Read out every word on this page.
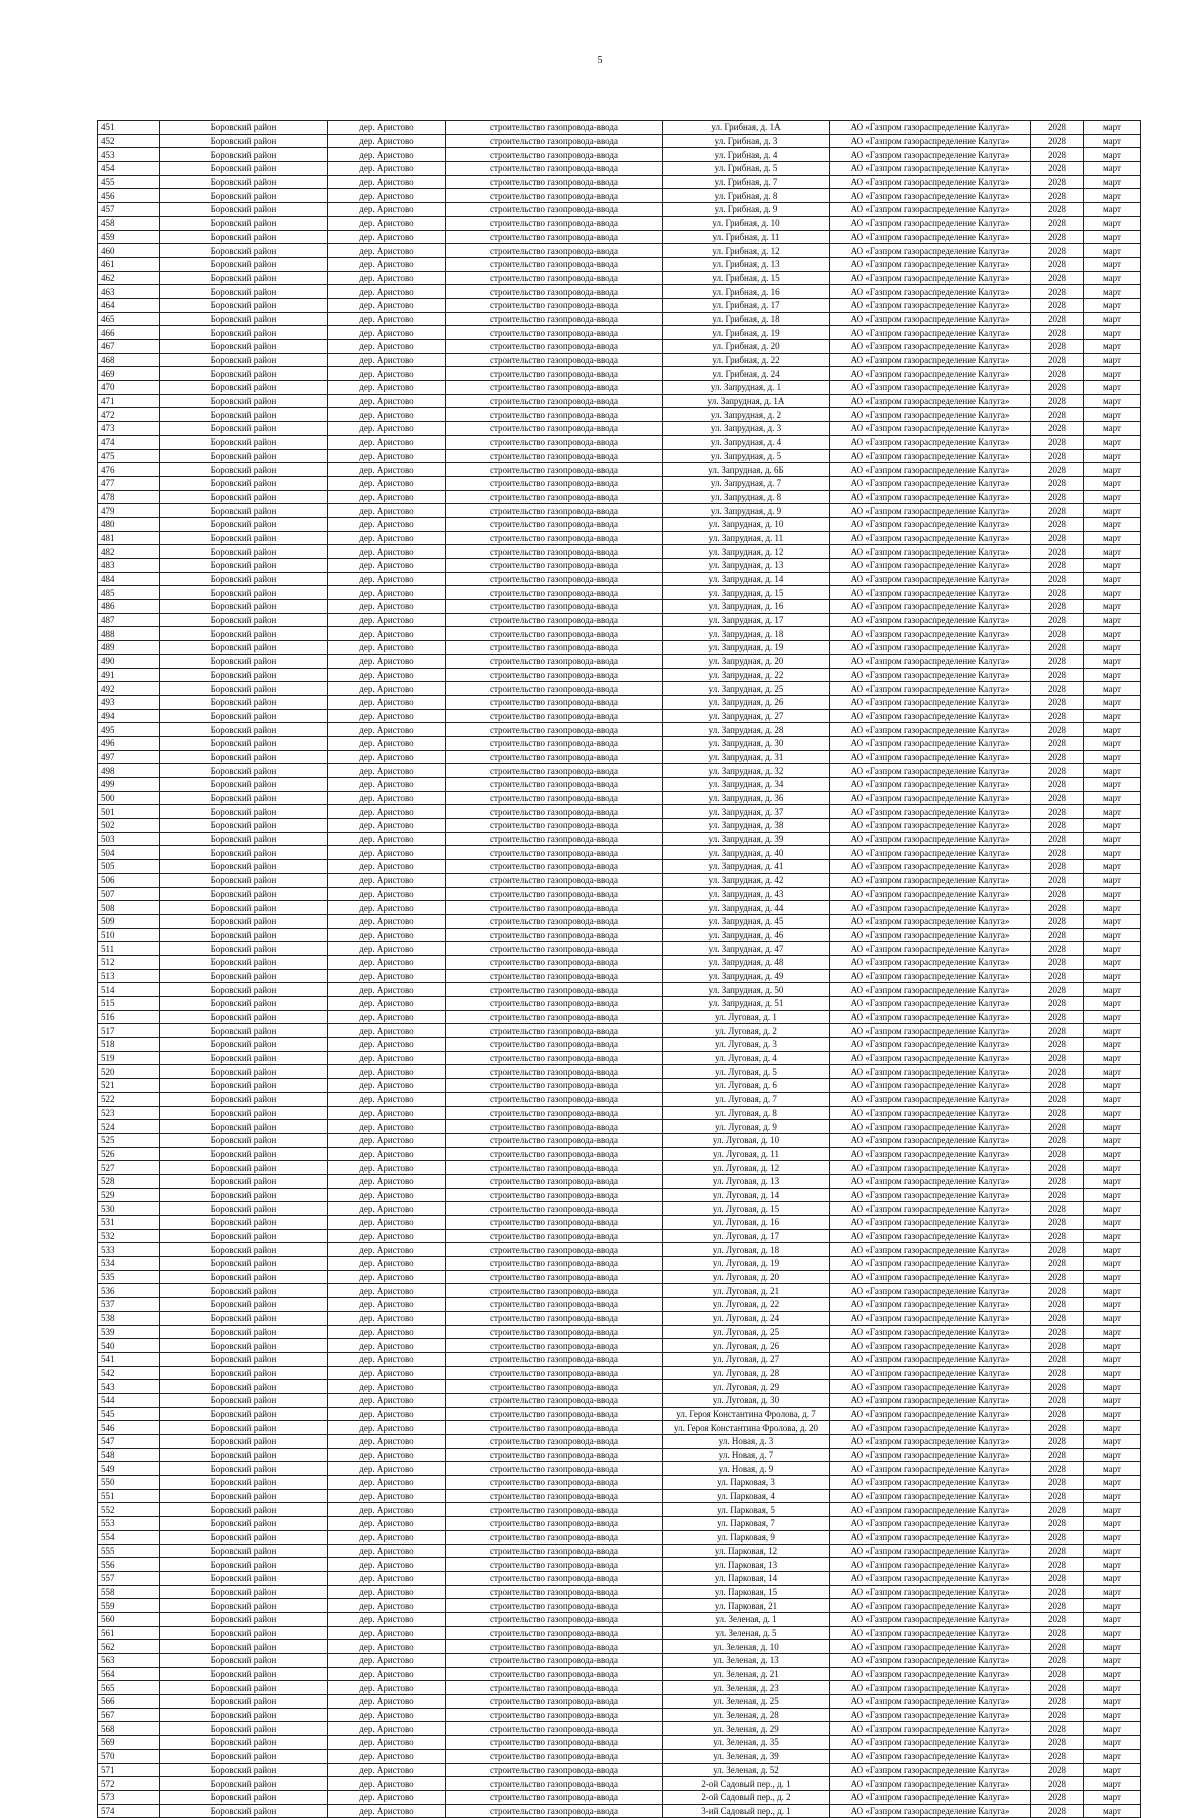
5
451	Боровский район	дер. Аристово	строительство газопровода-ввода	ул. Грибная, д. 1А	АО «Газпром газораспределение Калуга»	2028	март
452	Боровский район	дер. Аристово	строительство газопровода-ввода	ул. Грибная, д. 3	АО «Газпром газораспределение Калуга»	2028	март
453	Боровский район	дер. Аристово	строительство газопровода-ввода	ул. Грибная, д. 4	АО «Газпром газораспределение Калуга»	2028	март
454	Боровский район	дер. Аристово	строительство газопровода-ввода	ул. Грибная, д. 5	АО «Газпром газораспределение Калуга»	2028	март
455	Боровский район	дер. Аристово	строительство газопровода-ввода	ул. Грибная, д. 7	АО «Газпром газораспределение Калуга»	2028	март
456	Боровский район	дер. Аристово	строительство газопровода-ввода	ул. Грибная, д. 8	АО «Газпром газораспределение Калуга»	2028	март
457	Боровский район	дер. Аристово	строительство газопровода-ввода	ул. Грибная, д. 9	АО «Газпром газораспределение Калуга»	2028	март
458	Боровский район	дер. Аристово	строительство газопровода-ввода	ул. Грибная, д. 10	АО «Газпром газораспределение Калуга»	2028	март
459	Боровский район	дер. Аристово	строительство газопровода-ввода	ул. Грибная, д. 11	АО «Газпром газораспределение Калуга»	2028	март
460	Боровский район	дер. Аристово	строительство газопровода-ввода	ул. Грибная, д. 12	АО «Газпром газораспределение Калуга»	2028	март
461	Боровский район	дер. Аристово	строительство газопровода-ввода	ул. Грибная, д. 13	АО «Газпром газораспределение Калуга»	2028	март
462	Боровский район	дер. Аристово	строительство газопровода-ввода	ул. Грибная, д. 15	АО «Газпром газораспределение Калуга»	2028	март
463	Боровский район	дер. Аристово	строительство газопровода-ввода	ул. Грибная, д. 16	АО «Газпром газораспределение Калуга»	2028	март
464	Боровский район	дер. Аристово	строительство газопровода-ввода	ул. Грибная, д. 17	АО «Газпром газораспределение Калуга»	2028	март
465	Боровский район	дер. Аристово	строительство газопровода-ввода	ул. Грибная, д. 18	АО «Газпром газораспределение Калуга»	2028	март
466	Боровский район	дер. Аристово	строительство газопровода-ввода	ул. Грибная, д. 19	АО «Газпром газораспределение Калуга»	2028	март
467	Боровский район	дер. Аристово	строительство газопровода-ввода	ул. Грибная, д. 20	АО «Газпром газораспределение Калуга»	2028	март
468	Боровский район	дер. Аристово	строительство газопровода-ввода	ул. Грибная, д. 22	АО «Газпром газораспределение Калуга»	2028	март
469	Боровский район	дер. Аристово	строительство газопровода-ввода	ул. Грибная, д. 24	АО «Газпром газораспределение Калуга»	2028	март
470	Боровский район	дер. Аристово	строительство газопровода-ввода	ул. Запрудная, д. 1	АО «Газпром газораспределение Калуга»	2028	март
471	Боровский район	дер. Аристово	строительство газопровода-ввода	ул. Запрудная, д. 1А	АО «Газпром газораспределение Калуга»	2028	март
472	Боровский район	дер. Аристово	строительство газопровода-ввода	ул. Запрудная, д. 2	АО «Газпром газораспределение Калуга»	2028	март
473	Боровский район	дер. Аристово	строительство газопровода-ввода	ул. Запрудная, д. 3	АО «Газпром газораспределение Калуга»	2028	март
474	Боровский район	дер. Аристово	строительство газопровода-ввода	ул. Запрудная, д. 4	АО «Газпром газораспределение Калуга»	2028	март
475	Боровский район	дер. Аристово	строительство газопровода-ввода	ул. Запрудная, д. 5	АО «Газпром газораспределение Калуга»	2028	март
476	Боровский район	дер. Аристово	строительство газопровода-ввода	ул. Запрудная, д. 6Б	АО «Газпром газораспределение Калуга»	2028	март
477	Боровский район	дер. Аристово	строительство газопровода-ввода	ул. Запрудная, д. 7	АО «Газпром газораспределение Калуга»	2028	март
478	Боровский район	дер. Аристово	строительство газопровода-ввода	ул. Запрудная, д. 8	АО «Газпром газораспределение Калуга»	2028	март
479	Боровский район	дер. Аристово	строительство газопровода-ввода	ул. Запрудная, д. 9	АО «Газпром газораспределение Калуга»	2028	март
480	Боровский район	дер. Аристово	строительство газопровода-ввода	ул. Запрудная, д. 10	АО «Газпром газораспределение Калуга»	2028	март
481	Боровский район	дер. Аристово	строительство газопровода-ввода	ул. Запрудная, д. 11	АО «Газпром газораспределение Калуга»	2028	март
482	Боровский район	дер. Аристово	строительство газопровода-ввода	ул. Запрудная, д. 12	АО «Газпром газораспределение Калуга»	2028	март
483	Боровский район	дер. Аристово	строительство газопровода-ввода	ул. Запрудная, д. 13	АО «Газпром газораспределение Калуга»	2028	март
484	Боровский район	дер. Аристово	строительство газопровода-ввода	ул. Запрудная, д. 14	АО «Газпром газораспределение Калуга»	2028	март
485	Боровский район	дер. Аристово	строительство газопровода-ввода	ул. Запрудная, д. 15	АО «Газпром газораспределение Калуга»	2028	март
486	Боровский район	дер. Аристово	строительство газопровода-ввода	ул. Запрудная, д. 16	АО «Газпром газораспределение Калуга»	2028	март
487	Боровский район	дер. Аристово	строительство газопровода-ввода	ул. Запрудная, д. 17	АО «Газпром газораспределение Калуга»	2028	март
488	Боровский район	дер. Аристово	строительство газопровода-ввода	ул. Запрудная, д. 18	АО «Газпром газораспределение Калуга»	2028	март
489	Боровский район	дер. Аристово	строительство газопровода-ввода	ул. Запрудная, д. 19	АО «Газпром газораспределение Калуга»	2028	март
490	Боровский район	дер. Аристово	строительство газопровода-ввода	ул. Запрудная, д. 20	АО «Газпром газораспределение Калуга»	2028	март
491	Боровский район	дер. Аристово	строительство газопровода-ввода	ул. Запрудная, д. 22	АО «Газпром газораспределение Калуга»	2028	март
492	Боровский район	дер. Аристово	строительство газопровода-ввода	ул. Запрудная, д. 25	АО «Газпром газораспределение Калуга»	2028	март
493	Боровский район	дер. Аристово	строительство газопровода-ввода	ул. Запрудная, д. 26	АО «Газпром газораспределение Калуга»	2028	март
494	Боровский район	дер. Аристово	строительство газопровода-ввода	ул. Запрудная, д. 27	АО «Газпром газораспределение Калуга»	2028	март
495	Боровский район	дер. Аристово	строительство газопровода-ввода	ул. Запрудная, д. 28	АО «Газпром газораспределение Калуга»	2028	март
496	Боровский район	дер. Аристово	строительство газопровода-ввода	ул. Запрудная, д. 30	АО «Газпром газораспределение Калуга»	2028	март
497	Боровский район	дер. Аристово	строительство газопровода-ввода	ул. Запрудная, д. 31	АО «Газпром газораспределение Калуга»	2028	март
498	Боровский район	дер. Аристово	строительство газопровода-ввода	ул. Запрудная, д. 32	АО «Газпром газораспределение Калуга»	2028	март
499	Боровский район	дер. Аристово	строительство газопровода-ввода	ул. Запрудная, д. 34	АО «Газпром газораспределение Калуга»	2028	март
500	Боровский район	дер. Аристово	строительство газопровода-ввода	ул. Запрудная, д. 36	АО «Газпром газораспределение Калуга»	2028	март
501	Боровский район	дер. Аристово	строительство газопровода-ввода	ул. Запрудная, д. 37	АО «Газпром газораспределение Калуга»	2028	март
502	Боровский район	дер. Аристово	строительство газопровода-ввода	ул. Запрудная, д. 38	АО «Газпром газораспределение Калуга»	2028	март
503	Боровский район	дер. Аристово	строительство газопровода-ввода	ул. Запрудная, д. 39	АО «Газпром газораспределение Калуга»	2028	март
504	Боровский район	дер. Аристово	строительство газопровода-ввода	ул. Запрудная, д. 40	АО «Газпром газораспределение Калуга»	2028	март
505	Боровский район	дер. Аристово	строительство газопровода-ввода	ул. Запрудная, д. 41	АО «Газпром газораспределение Калуга»	2028	март
506	Боровский район	дер. Аристово	строительство газопровода-ввода	ул. Запрудная, д. 42	АО «Газпром газораспределение Калуга»	2028	март
507	Боровский район	дер. Аристово	строительство газопровода-ввода	ул. Запрудная, д. 43	АО «Газпром газораспределение Калуга»	2028	март
508	Боровский район	дер. Аристово	строительство газопровода-ввода	ул. Запрудная, д. 44	АО «Газпром газораспределение Калуга»	2028	март
509	Боровский район	дер. Аристово	строительство газопровода-ввода	ул. Запрудная, д. 45	АО «Газпром газораспределение Калуга»	2028	март
510	Боровский район	дер. Аристово	строительство газопровода-ввода	ул. Запрудная, д. 46	АО «Газпром газораспределение Калуга»	2028	март
511	Боровский район	дер. Аристово	строительство газопровода-ввода	ул. Запрудная, д. 47	АО «Газпром газораспределение Калуга»	2028	март
512	Боровский район	дер. Аристово	строительство газопровода-ввода	ул. Запрудная, д. 48	АО «Газпром газораспределение Калуга»	2028	март
513	Боровский район	дер. Аристово	строительство газопровода-ввода	ул. Запрудная, д. 49	АО «Газпром газораспределение Калуга»	2028	март
514	Боровский район	дер. Аристово	строительство газопровода-ввода	ул. Запрудная, д. 50	АО «Газпром газораспределение Калуга»	2028	март
515	Боровский район	дер. Аристово	строительство газопровода-ввода	ул. Запрудная, д. 51	АО «Газпром газораспределение Калуга»	2028	март
516	Боровский район	дер. Аристово	строительство газопровода-ввода	ул. Луговая, д. 1	АО «Газпром газораспределение Калуга»	2028	март
517	Боровский район	дер. Аристово	строительство газопровода-ввода	ул. Луговая, д. 2	АО «Газпром газораспределение Калуга»	2028	март
518	Боровский район	дер. Аристово	строительство газопровода-ввода	ул. Луговая, д. 3	АО «Газпром газораспределение Калуга»	2028	март
519	Боровский район	дер. Аристово	строительство газопровода-ввода	ул. Луговая, д. 4	АО «Газпром газораспределение Калуга»	2028	март
520	Боровский район	дер. Аристово	строительство газопровода-ввода	ул. Луговая, д. 5	АО «Газпром газораспределение Калуга»	2028	март
521	Боровский район	дер. Аристово	строительство газопровода-ввода	ул. Луговая, д. 6	АО «Газпром газораспределение Калуга»	2028	март
522	Боровский район	дер. Аристово	строительство газопровода-ввода	ул. Луговая, д. 7	АО «Газпром газораспределение Калуга»	2028	март
523	Боровский район	дер. Аристово	строительство газопровода-ввода	ул. Луговая, д. 8	АО «Газпром газораспределение Калуга»	2028	март
524	Боровский район	дер. Аристово	строительство газопровода-ввода	ул. Луговая, д. 9	АО «Газпром газораспределение Калуга»	2028	март
525	Боровский район	дер. Аристово	строительство газопровода-ввода	ул. Луговая, д. 10	АО «Газпром газораспределение Калуга»	2028	март
526	Боровский район	дер. Аристово	строительство газопровода-ввода	ул. Луговая, д. 11	АО «Газпром газораспределение Калуга»	2028	март
527	Боровский район	дер. Аристово	строительство газопровода-ввода	ул. Луговая, д. 12	АО «Газпром газораспределение Калуга»	2028	март
528	Боровский район	дер. Аристово	строительство газопровода-ввода	ул. Луговая, д. 13	АО «Газпром газораспределение Калуга»	2028	март
529	Боровский район	дер. Аристово	строительство газопровода-ввода	ул. Луговая, д. 14	АО «Газпром газораспределение Калуга»	2028	март
530	Боровский район	дер. Аристово	строительство газопровода-ввода	ул. Луговая, д. 15	АО «Газпром газораспределение Калуга»	2028	март
531	Боровский район	дер. Аристово	строительство газопровода-ввода	ул. Луговая, д. 16	АО «Газпром газораспределение Калуга»	2028	март
532	Боровский район	дер. Аристово	строительство газопровода-ввода	ул. Луговая, д. 17	АО «Газпром газораспределение Калуга»	2028	март
533	Боровский район	дер. Аристово	строительство газопровода-ввода	ул. Луговая, д. 18	АО «Газпром газораспределение Калуга»	2028	март
534	Боровский район	дер. Аристово	строительство газопровода-ввода	ул. Луговая, д. 19	АО «Газпром газораспределение Калуга»	2028	март
535	Боровский район	дер. Аристово	строительство газопровода-ввода	ул. Луговая, д. 20	АО «Газпром газораспределение Калуга»	2028	март
536	Боровский район	дер. Аристово	строительство газопровода-ввода	ул. Луговая, д. 21	АО «Газпром газораспределение Калуга»	2028	март
537	Боровский район	дер. Аристово	строительство газопровода-ввода	ул. Луговая, д. 22	АО «Газпром газораспределение Калуга»	2028	март
538	Боровский район	дер. Аристово	строительство газопровода-ввода	ул. Луговая, д. 24	АО «Газпром газораспределение Калуга»	2028	март
539	Боровский район	дер. Аристово	строительство газопровода-ввода	ул. Луговая, д. 25	АО «Газпром газораспределение Калуга»	2028	март
540	Боровский район	дер. Аристово	строительство газопровода-ввода	ул. Луговая, д. 26	АО «Газпром газораспределение Калуга»	2028	март
541	Боровский район	дер. Аристово	строительство газопровода-ввода	ул. Луговая, д. 27	АО «Газпром газораспределение Калуга»	2028	март
542	Боровский район	дер. Аристово	строительство газопровода-ввода	ул. Луговая, д. 28	АО «Газпром газораспределение Калуга»	2028	март
543	Боровский район	дер. Аристово	строительство газопровода-ввода	ул. Луговая, д. 29	АО «Газпром газораспределение Калуга»	2028	март
544	Боровский район	дер. Аристово	строительство газопровода-ввода	ул. Луговая, д. 30	АО «Газпром газораспределение Калуга»	2028	март
545	Боровский район	дер. Аристово	строительство газопровода-ввода	ул. Героя Константина Фролова, д. 7	АО «Газпром газораспределение Калуга»	2028	март
546	Боровский район	дер. Аристово	строительство газопровода-ввода	ул. Героя Константина Фролова, д. 20	АО «Газпром газораспределение Калуга»	2028	март
547	Боровский район	дер. Аристово	строительство газопровода-ввода	ул. Новая, д. 3	АО «Газпром газораспределение Калуга»	2028	март
548	Боровский район	дер. Аристово	строительство газопровода-ввода	ул. Новая, д. 7	АО «Газпром газораспределение Калуга»	2028	март
549	Боровский район	дер. Аристово	строительство газопровода-ввода	ул. Новая, д. 9	АО «Газпром газораспределение Калуга»	2028	март
550	Боровский район	дер. Аристово	строительство газопровода-ввода	ул. Парковая, 3	АО «Газпром газораспределение Калуга»	2028	март
551	Боровский район	дер. Аристово	строительство газопровода-ввода	ул. Парковая, 4	АО «Газпром газораспределение Калуга»	2028	март
552	Боровский район	дер. Аристово	строительство газопровода-ввода	ул. Парковая, 5	АО «Газпром газораспределение Калуга»	2028	март
553	Боровский район	дер. Аристово	строительство газопровода-ввода	ул. Парковая, 7	АО «Газпром газораспределение Калуга»	2028	март
554	Боровский район	дер. Аристово	строительство газопровода-ввода	ул. Парковая, 9	АО «Газпром газораспределение Калуга»	2028	март
555	Боровский район	дер. Аристово	строительство газопровода-ввода	ул. Парковая, 12	АО «Газпром газораспределение Калуга»	2028	март
556	Боровский район	дер. Аристово	строительство газопровода-ввода	ул. Парковая, 13	АО «Газпром газораспределение Калуга»	2028	март
557	Боровский район	дер. Аристово	строительство газопровода-ввода	ул. Парковая, 14	АО «Газпром газораспределение Калуга»	2028	март
558	Боровский район	дер. Аристово	строительство газопровода-ввода	ул. Парковая, 15	АО «Газпром газораспределение Калуга»	2028	март
559	Боровский район	дер. Аристово	строительство газопровода-ввода	ул. Парковая, 21	АО «Газпром газораспределение Калуга»	2028	март
560	Боровский район	дер. Аристово	строительство газопровода-ввода	ул. Зеленая, д. 1	АО «Газпром газораспределение Калуга»	2028	март
561	Боровский район	дер. Аристово	строительство газопровода-ввода	ул. Зеленая, д. 5	АО «Газпром газораспределение Калуга»	2028	март
562	Боровский район	дер. Аристово	строительство газопровода-ввода	ул. Зеленая, д. 10	АО «Газпром газораспределение Калуга»	2028	март
563	Боровский район	дер. Аристово	строительство газопровода-ввода	ул. Зеленая, д. 13	АО «Газпром газораспределение Калуга»	2028	март
564	Боровский район	дер. Аристово	строительство газопровода-ввода	ул. Зеленая, д. 21	АО «Газпром газораспределение Калуга»	2028	март
565	Боровский район	дер. Аристово	строительство газопровода-ввода	ул. Зеленая, д. 23	АО «Газпром газораспределение Калуга»	2028	март
566	Боровский район	дер. Аристово	строительство газопровода-ввода	ул. Зеленая, д. 25	АО «Газпром газораспределение Калуга»	2028	март
567	Боровский район	дер. Аристово	строительство газопровода-ввода	ул. Зеленая, д. 28	АО «Газпром газораспределение Калуга»	2028	март
568	Боровский район	дер. Аристово	строительство газопровода-ввода	ул. Зеленая, д. 29	АО «Газпром газораспределение Калуга»	2028	март
569	Боровский район	дер. Аристово	строительство газопровода-ввода	ул. Зеленая, д. 35	АО «Газпром газораспределение Калуга»	2028	март
570	Боровский район	дер. Аристово	строительство газопровода-ввода	ул. Зеленая, д. 39	АО «Газпром газораспределение Калуга»	2028	март
571	Боровский район	дер. Аристово	строительство газопровода-ввода	ул. Зеленая, д. 52	АО «Газпром газораспределение Калуга»	2028	март
572	Боровский район	дер. Аристово	строительство газопровода-ввода	2-ой Садовый пер., д. 1	АО «Газпром газораспределение Калуга»	2028	март
573	Боровский район	дер. Аристово	строительство газопровода-ввода	2-ой Садовый пер., д. 2	АО «Газпром газораспределение Калуга»	2028	март
574	Боровский район	дер. Аристово	строительство газопровода-ввода	3-ий Садовый пер., д. 1	АО «Газпром газораспределение Калуга»	2028	март
